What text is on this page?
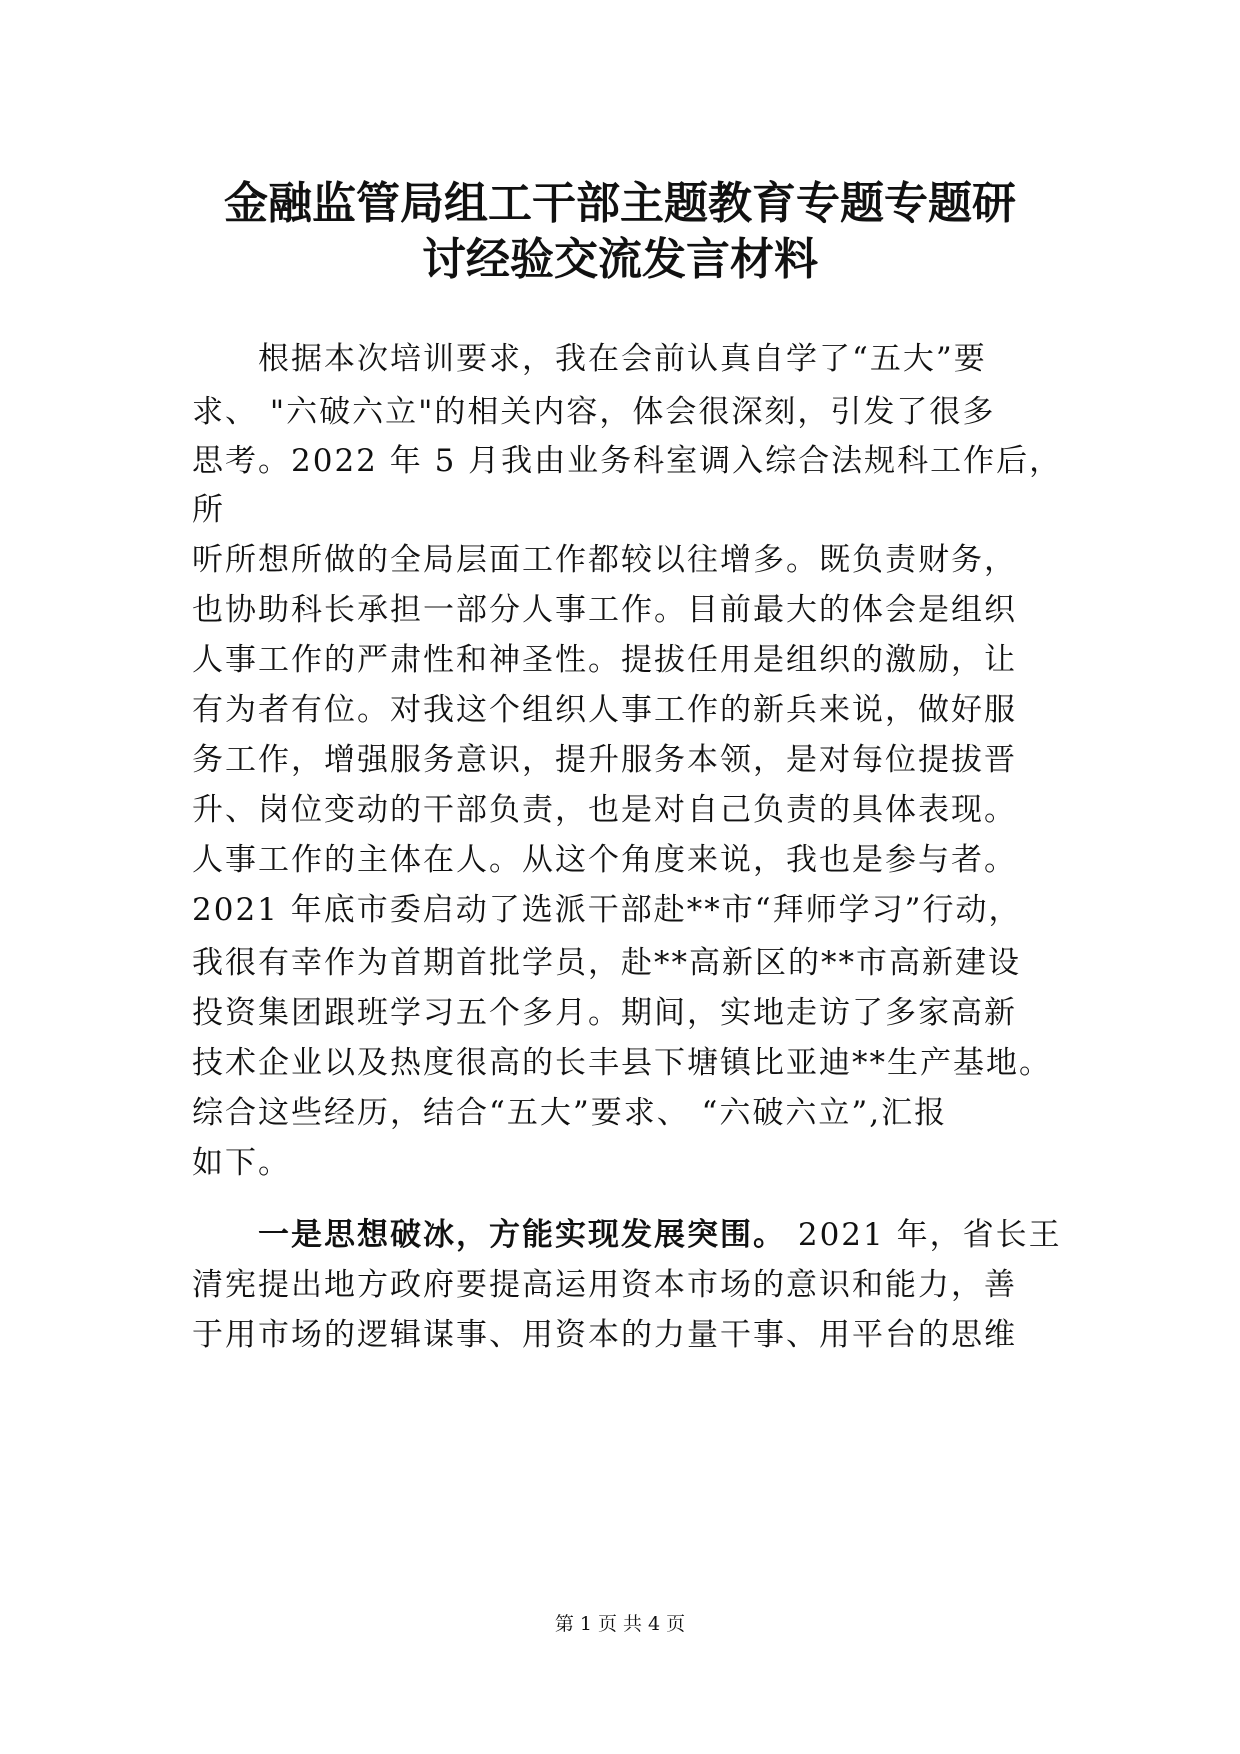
金融监管局组工干部主题教育专题专题研
讨经验交流发言材料
根据本次培训要求，我在会前认真自学了“五大”要
求、 "六破六立"的相关内容，体会很深刻，引发了很多
思考。2022 年 5 月我由业务科室调入综合法规科工作后，
所
听所想所做的全局层面工作都较以往增多。既负责财务，
也协助科长承担一部分人事工作。目前最大的体会是组织
人事工作的严肃性和神圣性。提拔任用是组织的激励，让
有为者有位。对我这个组织人事工作的新兵来说，做好服
务工作，增强服务意识，提升服务本领，是对每位提拔晋
升、岗位变动的干部负责，也是对自己负责的具体表现。
人事工作的主体在人。从这个角度来说，我也是参与者。
2021 年底市委启动了选派干部赴**市“拜师学习”行动，
我很有幸作为首期首批学员，赴**高新区的**市高新建设
投资集团跟班学习五个多月。期间，实地走访了多家高新
技术企业以及热度很高的长丰县下塘镇比亚迪**生产基地。
综合这些经历，结合“五大”要求、 “六破六立”,汇报
如下。
一是思想破冰，方能实现发展突围。 2021 年，省长王
清宪提出地方政府要提高运用资本市场的意识和能力，善
于用市场的逻辑谋事、用资本的力量干事、用平台的思维
第 1 页 共 4 页
